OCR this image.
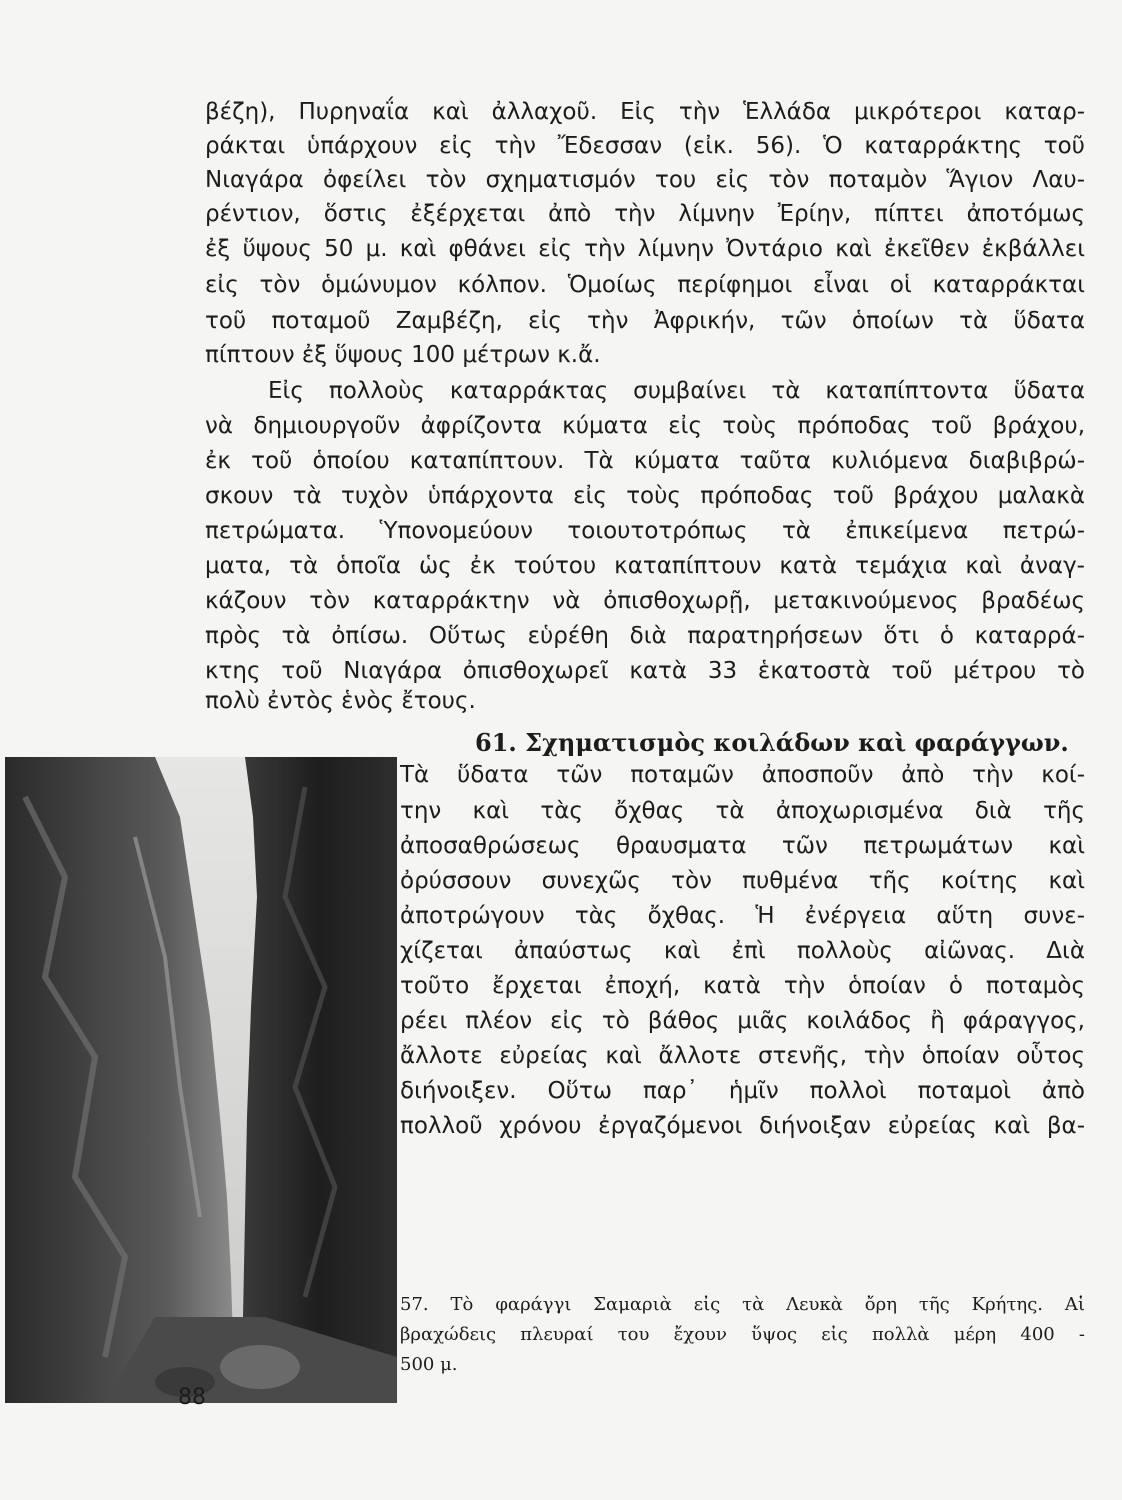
βέζη), Πυρηναΐα καὶ ἀλλαχοῦ. Εἰς τὴν Ἑλλάδα μικρότεροι καταρ-
ράκται ὑπάρχουν εἰς τὴν Ἔδεσσαν (εἰκ. 56). Ὁ καταρράκτης τοῦ
Νιαγάρα ὀφείλει τὸν σχηματισμόν του εἰς τὸν ποταμὸν Ἅγιον Λαυ-
ρέντιον, ὅστις ἐξέρχεται ἀπὸ τὴν λίμνην Ἐρίην, πίπτει ἀποτόμως
ἐξ ὕψους 50 μ. καὶ φθάνει εἰς τὴν λίμνην Ὀντάριο καὶ ἐκεῖθεν ἐκβάλλει
εἰς τὸν ὁμώνυμον κόλπον. Ὁμοίως περίφημοι εἶναι οἱ καταρράκται
τοῦ ποταμοῦ Ζαμβέζη, εἰς τὴν Ἀφρικήν, τῶν ὁποίων τὰ ὕδατα
πίπτουν ἐξ ὕψους 100 μέτρων κ.ἄ.
Εἰς πολλοὺς καταρράκτας συμβαίνει τὰ καταπίπτοντα ὕδατα
νὰ δημιουργοῦν ἀφρίζοντα κύματα εἰς τοὺς πρόποδας τοῦ βράχου,
ἐκ τοῦ ὁποίου καταπίπτουν. Τὰ κύματα ταῦτα κυλιόμενα διαβιβρώ-
σκουν τὰ τυχὸν ὑπάρχοντα εἰς τοὺς πρόποδας τοῦ βράχου μαλακὰ
πετρώματα. Ὑπονομεύουν τοιουτοτρόπως τὰ ἐπικείμενα πετρώ-
ματα, τὰ ὁποῖα ὡς ἐκ τούτου καταπίπτουν κατὰ τεμάχια καὶ ἀναγ-
κάζουν τὸν καταρράκτην νὰ ὀπισθοχωρῇ, μετακινούμενος βραδέως
πρὸς τὰ ὀπίσω. Οὕτως εὑρέθη διὰ παρατηρήσεων ὅτι ὁ καταρρά-
κτης τοῦ Νιαγάρα ὀπισθοχωρεῖ κατὰ 33 ἑκατοστὰ τοῦ μέτρου τὸ
πολὺ ἐντὸς ἑνὸς ἔτους.
61. Σχηματισμὸς κοιλάδων καὶ φαράγγων.
Τὰ ὕδατα τῶν ποταμῶν ἀποσποῦν ἀπὸ τὴν κοί-
την καὶ τὰς ὄχθας τὰ ἀποχωρισμένα διὰ τῆς
ἀποσαθρώσεως θραυσματα τῶν πετρωμάτων καὶ
ὀρύσσουν συνεχῶς τὸν πυθμένα τῆς κοίτης καὶ
ἀποτρώγουν τὰς ὄχθας. Ἡ ἐνέργεια αὕτη συνε-
χίζεται ἀπαύστως καὶ ἐπὶ πολλοὺς αἰῶνας. Διὰ
τοῦτο ἔρχεται ἐποχή, κατὰ τὴν ὁποίαν ὁ ποταμὸς
ρέει πλέον εἰς τὸ βάθος μιᾶς κοιλάδος ἢ φάραγγος,
ἄλλοτε εὐρείας καὶ ἄλλοτε στενῆς, τὴν ὁποίαν οὗτος
διήνοιξεν. Οὕτω παρ᾽ ἡμῖν πολλοὶ ποταμοὶ ἀπὸ
πολλοῦ χρόνου ἐργαζόμενοι διήνοιξαν εὐρείας καὶ βα-
57. Τὸ φαράγγι Σαμαριὰ εἰς τὰ Λευκὰ ὄρη τῆς Κρήτης. Αἱ
βραχώδεις πλευραί του ἔχουν ὕψος εἰς πολλὰ μέρη 400 -
500 μ.
88
